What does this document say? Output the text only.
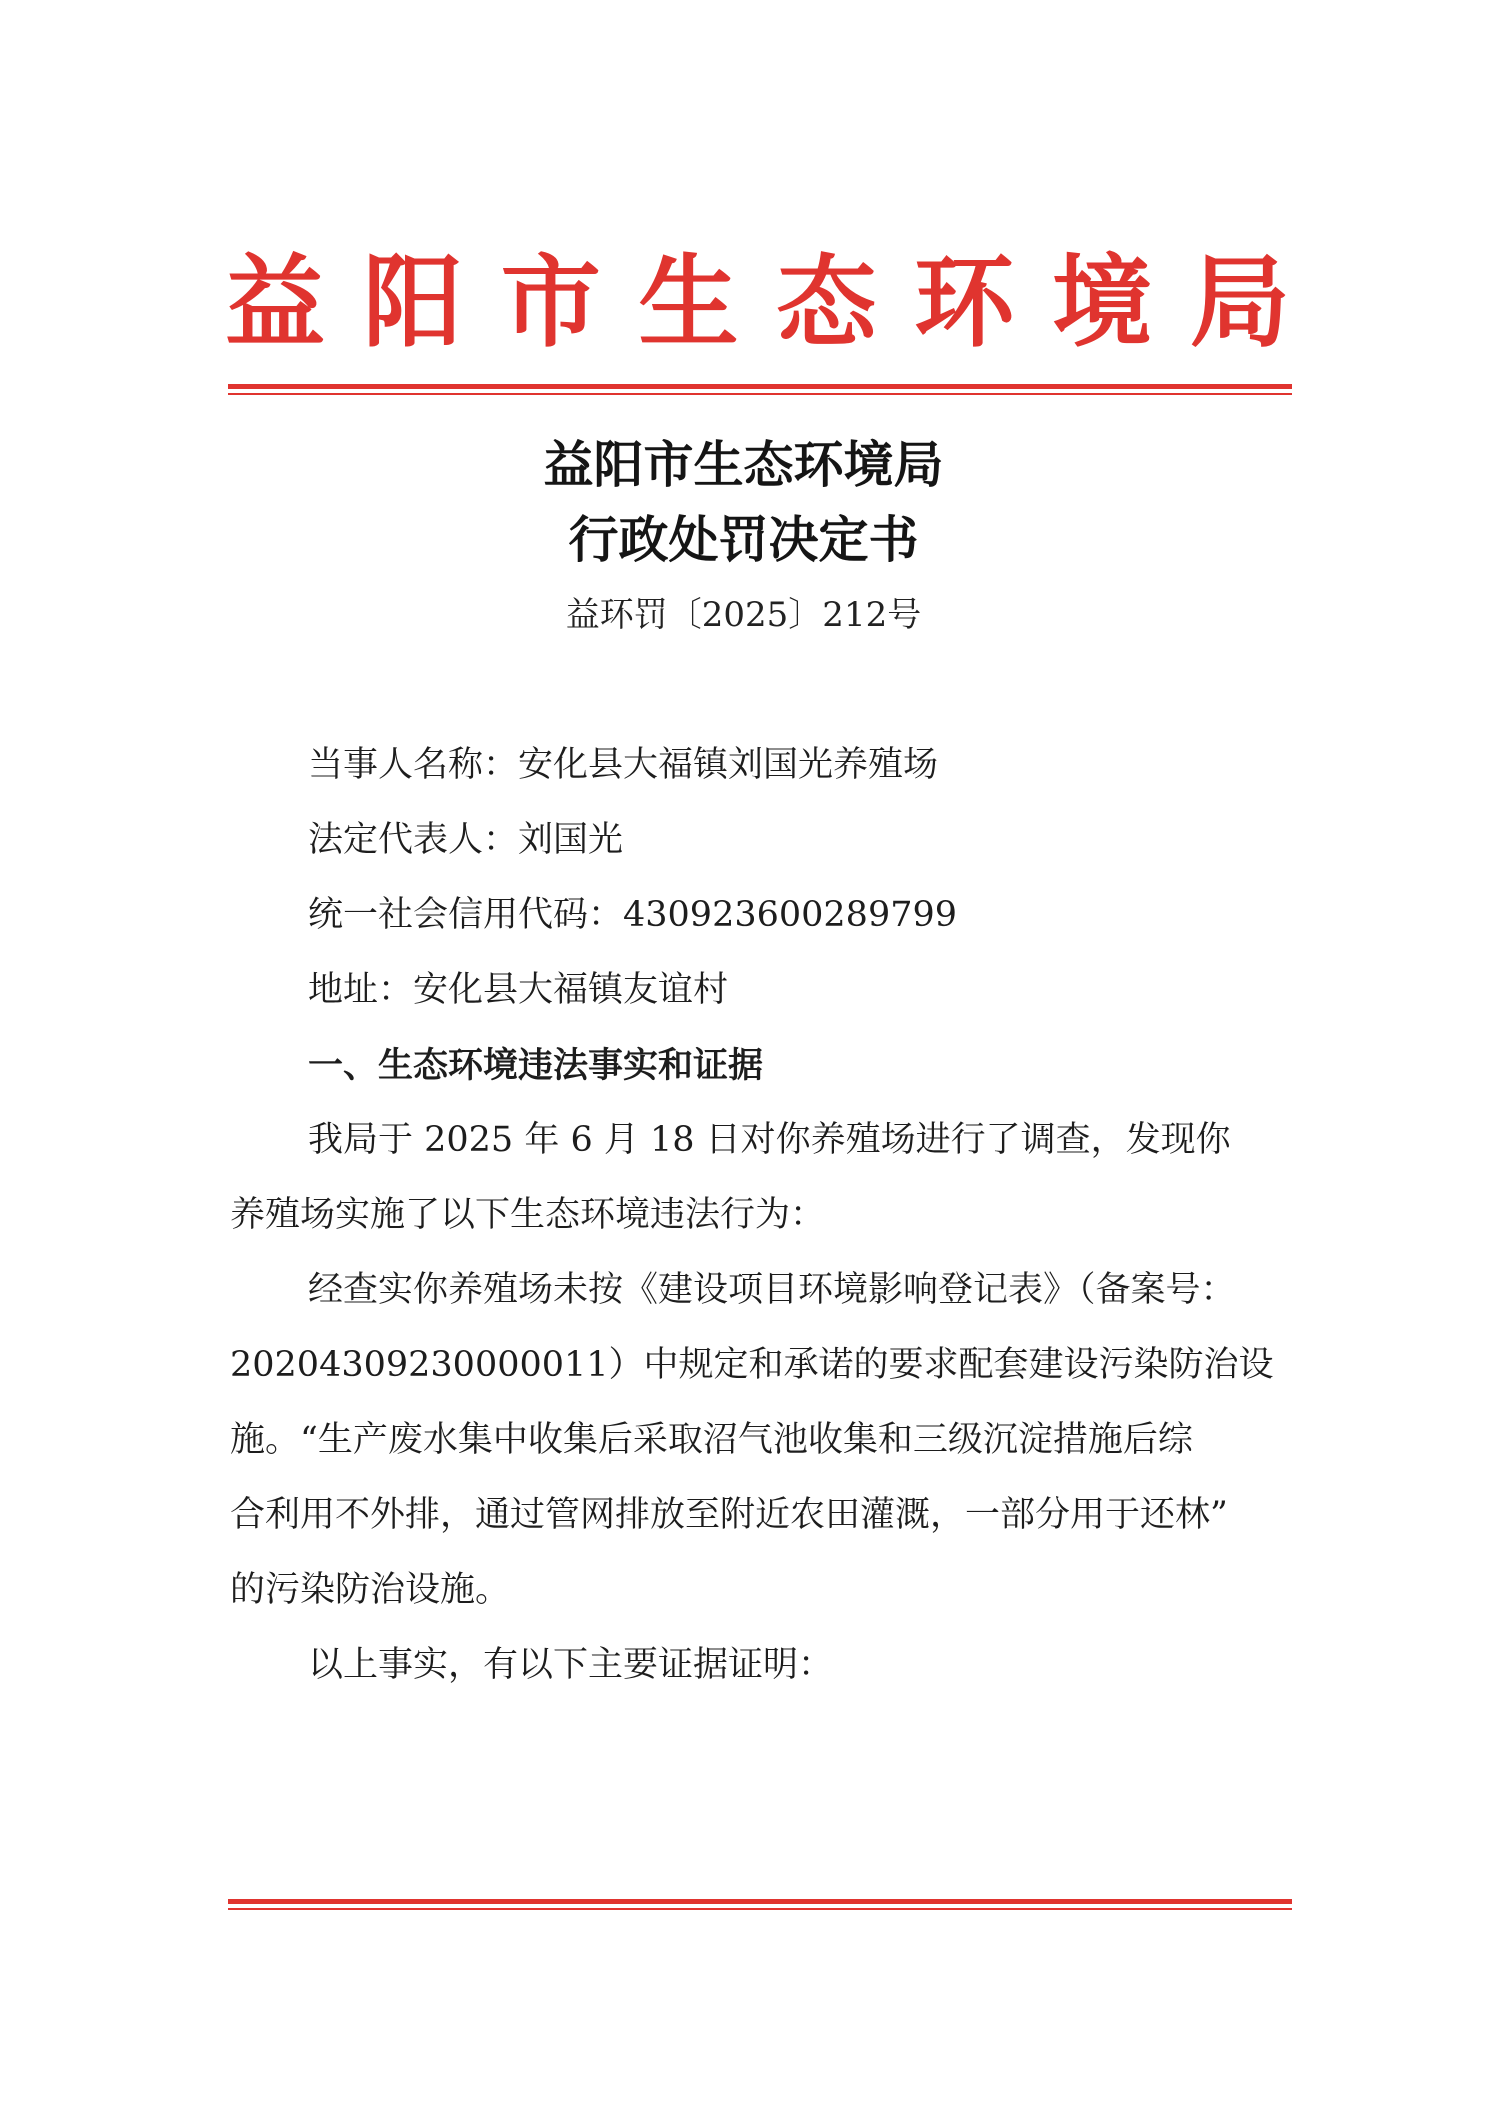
益 阳 市 生 态 环 境 局
益阳市生态环境局
行政处罚决定书
益环罚〔2025〕212号
当事人名称：安化县大福镇刘国光养殖场
法定代表人：刘国光
统一社会信用代码：430923600289799
地址：安化县大福镇友谊村
一、生态环境违法事实和证据
我局于 2025 年 6 月 18 日对你养殖场进行了调查，发现你
养殖场实施了以下生态环境违法行为：
经查实你养殖场未按《建设项目环境影响登记表》（备案号：
20204309230000011）中规定和承诺的要求配套建设污染防治设
施。“生产废水集中收集后采取沼气池收集和三级沉淀措施后综
合利用不外排，通过管网排放至附近农田灌溉，一部分用于还林”
的污染防治设施。
以上事实，有以下主要证据证明：
